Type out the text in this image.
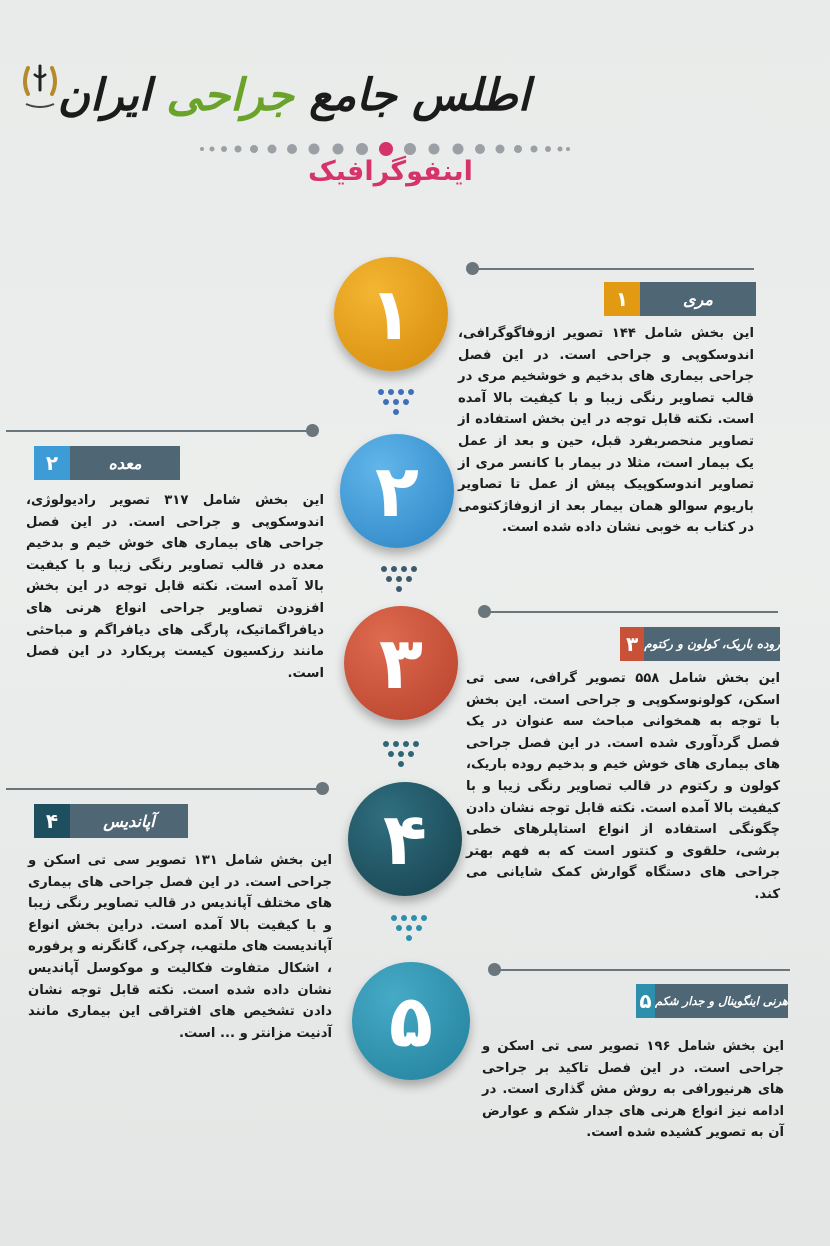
اطلس جامع جراحی ایران
اینفوگرافیک
۱	مری
۱
این بخش شامل ۱۴۴ تصویر ازوفاگوگرافی، اندوسکوپی و جراحی است. در این فصل جراحی بیماری های بدخیم و خوشخیم مری در قالب تصاویر رنگی زیبا و با کیفیت بالا آمده است. نکته قابل توجه در این بخش استفاده از تصاویر منحصربفرد قبل، حین و بعد از عمل یک بیمار است، مثلا در بیمار با کانسر مری از تصاویر اندوسکوپیک پیش از عمل تا تصاویر باریوم سوالو همان بیمار بعد از ازوفاژکتومی در کتاب به خوبی نشان داده شده است.
معده
۲	۲
این بخش شامل ۳۱۷ تصویر رادیولوژی، اندوسکوپی و جراحی است. در این فصل جراحی های بیماری های خوش خیم و بدخیم معده در قالب تصاویر رنگی زیبا و با کیفیت بالا آمده است. نکته قابل توجه در این بخش افزودن تصاویر جراحی انواع هرنی های دیافراگماتیک، پارگی های دیافراگم و مباحثی مانند رزکسیون کیست پریکارد در این فصل است. ۳	روده باریک، کولون و رکتوم
۳
این بخش شامل ۵۵۸ تصویر گرافی، سی تی اسکن، کولونوسکوپی و جراحی است. این بخش با توجه به همخوانی مباحث سه عنوان در یک فصل گردآوری شده است. در این فصل جراحی های بیماری های خوش خیم و بدخیم روده باریک، کولون و رکتوم در قالب تصاویر رنگی زیبا و با کیفیت بالا آمده است. نکته قابل توجه نشان دادن چگونگی استفاده از انواع استاپلرهای خطی برشی، حلقوی و کنتور است که به فهم بهتر جراحی های دستگاه گوارش کمک شایانی می کند.
آپاندیس
۴	۴
این بخش شامل ۱۳۱ تصویر سی تی اسکن و جراحی است. در این فصل جراحی های بیماری های مختلف آپاندیس در قالب تصاویر رنگی زیبا و با کیفیت بالا آمده است. دراین بخش انواع آپاندیست های ملتهب، چرکی، گانگرنه و پرفوره ، اشکال متفاوت فکالیت و موکوسل آپاندیس نشان داده شده است. نکته قابل توجه نشان دادن تشخیص های افتراقی این بیماری مانند آدنیت مزانتر و ... است. ۵	هرنی اینگوینال و جدار شکم
۵
این بخش شامل ۱۹۶ تصویر سی تی اسکن و جراحی است. در این فصل تاکید بر جراحی های هرنیورافی به روش مش گذاری است. در ادامه نیز انواع هرنی های جدار شکم و عوارض آن به تصویر کشیده شده است.
